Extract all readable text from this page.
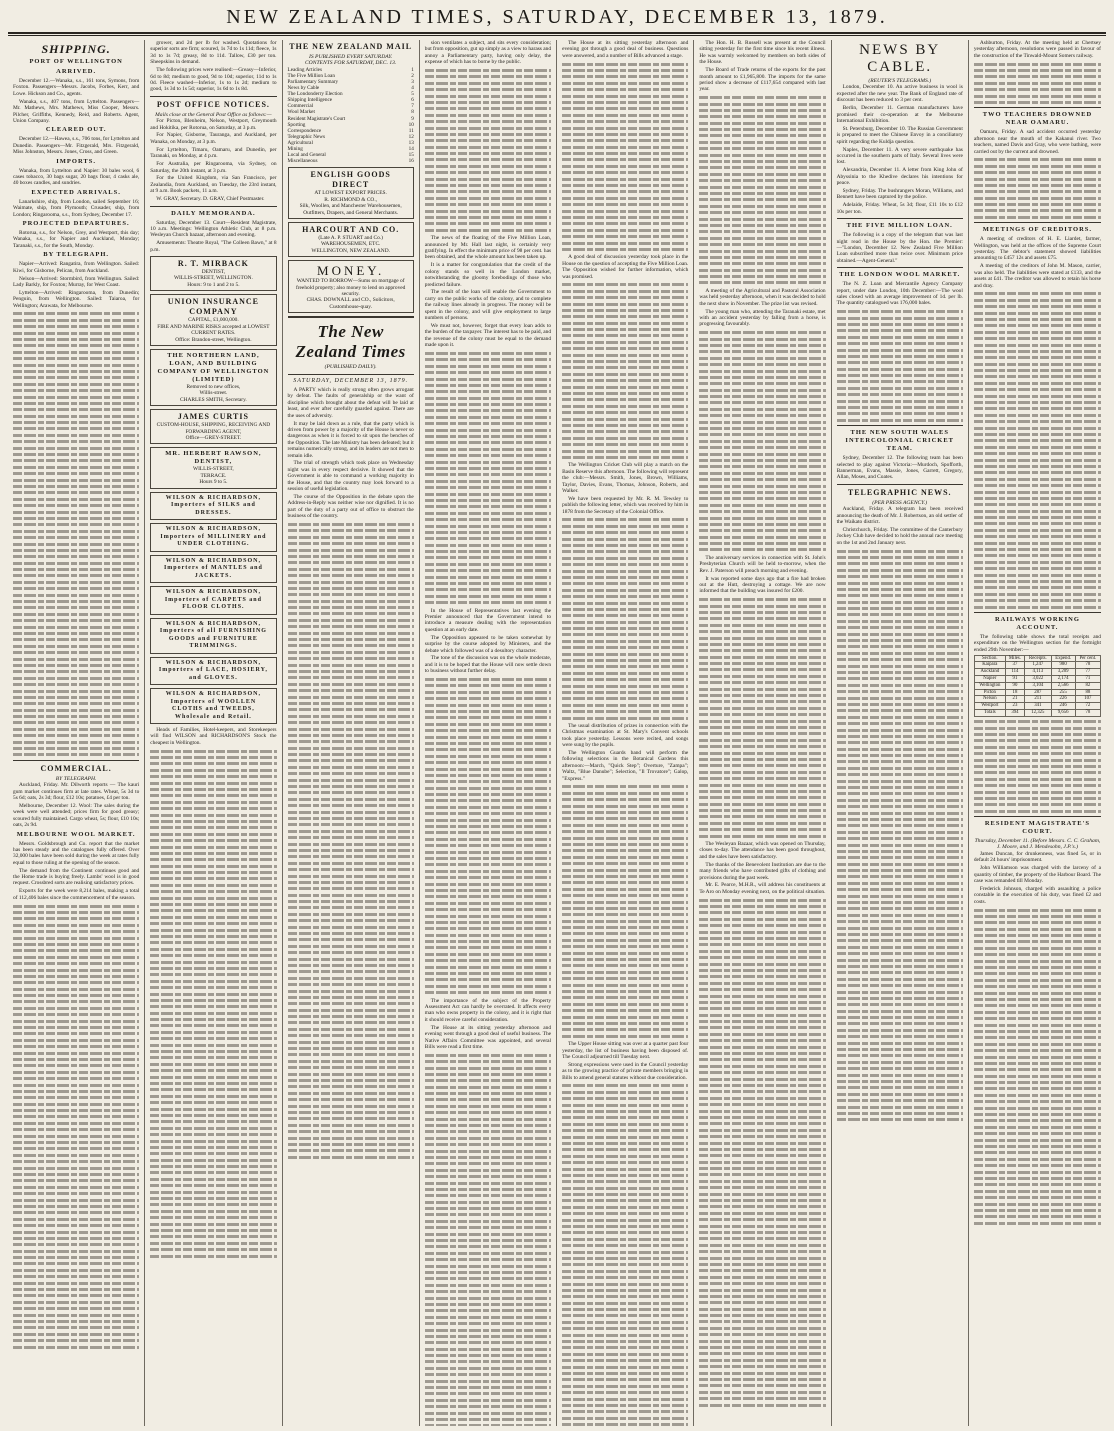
NEW ZEALAND TIMES, SATURDAY, DECEMBER 13, 1879.
SHIPPING.
PORT OF WELLINGTON
ARRIVED.

December 12.—Wanaka, s.s., 161 tons, Symons, from Foxton. Passengers—Messrs. Jacobs, Forbes, Kerr, and Lowe. Hickson and Co., agents.

Wanaka, s.s., 407 tons, from Lyttelton. Passengers—Mr. Mathews, Mrs. Mathews, Miss Cooper, Messrs. Pilcher, Griffiths, Kennedy, Reid, and Roberts. Agent, Union Company.

CLEARED OUT.

December 12.—Hawea, s.s., 706 tons, for Lyttelton and Dunedin. Passengers—Mr. Fitzgerald, Mrs. Fitzgerald, Miss Johnston, Messrs. Jones, Cross, and Green.

IMPORTS.

Wanaka, from Lyttelton and Napier: 30 bales wool, 6 cases tobacco, 30 bags sugar, 20 bags flour, 4 casks ale, 40 boxes candles, and sundries.

EXPECTED ARRIVALS.

Lanarkshire, ship, from London, sailed September 16; Waimate, ship, from Plymouth; Crusader, ship, from London; Ringarooma, s.s., from Sydney, December 17.

PROJECTED DEPARTURES.

Rotorua, s.s., for Nelson, Grey, and Westport, this day; Wanaka, s.s., for Napier and Auckland, Monday; Taranaki, s.s., for the South, Monday.

BY TELEGRAPH.

Napier—Arrived: Rangatira, from Wellington. Sailed: Kiwi, for Gisborne, Pelican, from Auckland.

Nelson—Arrived: Stormbird, from Wellington. Sailed: Lady Barkly, for Foxton; Murray, for West Coast.

Lyttelton—Arrived: Ringarooma, from Dunedin; Penguin, from Wellington. Sailed: Taiaroa, for Wellington; Arawata, for Melbourne.

COMMERCIAL.
BY TELEGRAPH.

Auckland, Friday. Mr. Dilworth reports — The kauri gum market continues firm at late rates. Wheat, 5s 3d to 5s 6d; oats, 2s 3d; flour, £12 10s; potatoes, £4 per ton.

Melbourne, December 12. Wool: The sales during the week were well attended; prices firm for good greasy; scoured fully maintained. Cargo wheat, 5s; flour, £10 10s; oats, 2s 9d.

MELBOURNE WOOL MARKET.

Messrs. Goldsbrough and Co. report that the market has been steady and the catalogues fully offered. Over 32,000 bales have been sold during the week at rates fully equal to those ruling at the opening of the season.

The demand from the Continent continues good and the Home trade is buying freely. Lambs' wool is in good request. Crossbred sorts are realising satisfactory prices.

Exports for the week were 8,214 bales, making a total of 112,406 bales since the commencement of the season.

grower, and 2d per lb for washed. Quotations for superior sorts are firm; scoured, 1s 7d to 1s 11d; fleece, 1s 3d to 1s 7d; greasy, 8d to 11d. Tallow, £30 per ton. Sheepskins in demand.

The following prices were realised:—Greasy—Inferior, 6d to 8d; medium to good, 9d to 10d; superior, 11d to 1s 0d. Fleece washed—Inferior, 1s to 1s 2d; medium to good, 1s 3d to 1s 5d; superior, 1s 6d to 1s 8d.

POST OFFICE NOTICES.
Mails close at the General Post Office as follows:—

For Picton, Blenheim, Nelson, Westport, Greymouth and Hokitika, per Rotorua, on Saturday, at 3 p.m.

For Napier, Gisborne, Tauranga, and Auckland, per Wanaka, on Monday, at 3 p.m.

For Lyttelton, Timaru, Oamaru, and Dunedin, per Taranaki, on Monday, at 4 p.m.

For Australia, per Ringarooma, via Sydney, on Saturday, the 20th instant, at 3 p.m.

For the United Kingdom, via San Francisco, per Zealandia, from Auckland, on Tuesday, the 23rd instant, at 9 a.m. Book packets, 11 a.m.

W. GRAY, Secretary. D. GRAY, Chief Postmaster.

DAILY MEMORANDA.

Saturday, December 13. Court—Resident Magistrate, 10 a.m. Meetings: Wellington Athletic Club, at 8 p.m. Wesleyan Church bazaar, afternoon and evening.

Amusements: Theatre Royal, "The Colleen Bawn," at 8 p.m.

R. T. MIRBACK
DENTIST,
WILLIS-STREET, WELLINGTON.
Hours: 9 to 1 and 2 to 5.
UNION INSURANCE COMPANY
CAPITAL, £1,000,000.
FIRE AND MARINE RISKS accepted at LOWEST CURRENT RATES.
Office: Brandon-street, Wellington.
THE NORTHERN LAND, LOAN, AND BUILDING COMPANY OF WELLINGTON (LIMITED)
Removed to new offices,
Willis-street.
CHARLES SMITH, Secretary.
JAMES CURTIS
CUSTOM-HOUSE, SHIPPING, RECEIVING AND FORWARDING AGENT,
Office—GREY-STREET.
MR. HERBERT RAWSON, DENTIST,
WILLIS-STREET,
TERRACE.
Hours 9 to 5.
WILSON & RICHARDSON, Importers of SILKS and DRESSES.
WILSON & RICHARDSON, Importers of MILLINERY and UNDER CLOTHING.
WILSON & RICHARDSON, Importers of MANTLES and JACKETS.
WILSON & RICHARDSON, Importers of CARPETS and FLOOR CLOTHS.
WILSON & RICHARDSON, Importers of all FURNISHING GOODS and FURNITURE TRIMMINGS.
WILSON & RICHARDSON, Importers of LACE, HOSIERY, and GLOVES.
WILSON & RICHARDSON, Importers of WOOLLEN CLOTHS and TWEEDS, Wholesale and Retail.

Heads of Families, Hotel-keepers, and Storekeepers will find WILSON and RICHARDSON'S Stock the cheapest in Wellington.

THE NEW ZEALAND MAIL
IS PUBLISHED EVERY SATURDAY.
CONTENTS FOR SATURDAY, DEC. 13.
Leading Articles	1
The Five Million Loan	2
Parliamentary Summary	3
News by Cable	4
The Londonderry Election	5
Shipping Intelligence	6
Commercial	7
Wool Market	8
Resident Magistrate's Court	9
Sporting	10
Correspondence	11
Telegraphic News	12
Agricultural	13
Mining	14
Local and General	15
Miscellaneous	16
ENGLISH GOODS DIRECT
AT LOWEST EXPORT PRICES.
R. RICHMOND & CO.,
Silk, Woollen, and Manchester Warehousemen,
Outfitters, Drapers, and General Merchants.
HARCOURT AND CO.
(Late A. P. STUART and Co.)
WAREHOUSEMEN, ETC.
WELLINGTON, NEW ZEALAND.
MONEY.
WANTED TO BORROW—Sums on mortgage of freehold property; also money to lend on approved security.
CHAS. DOWNALL and CO., Solicitors, Customhouse-quay.
The New Zealand Times
(PUBLISHED DAILY).
SATURDAY, DECEMBER 13, 1879.

A PARTY which is really strong often grows arrogant by defeat. The faults of generalship or the want of discipline which brought about the defeat will be laid at least, and ever after carefully guarded against. There are the uses of adversity.

It may be laid down as a rule, that the party which is driven from power by a majority of the House is never so dangerous as when it is forced to sit upon the benches of the Opposition. The late Ministry has been defeated; but it remains numerically strong, and its leaders are not men to remain idle.

The trial of strength which took place on Wednesday night was in every respect decisive. It showed that the Government is able to command a working majority in the House, and that the country may look forward to a session of useful legislation.

The course of the Opposition in the debate upon the Address-in-Reply was neither wise nor dignified. It is no part of the duty of a party out of office to obstruct the business of the country.

sion ventilates a subject, and sits every consideration; but from opposition, gut up simply as a view to harass and annoy a Parliamentary party, having only delay, the expense of which has to borne by the public.

The news of the floating of the Five Million Loan, announced by Mr. Hall last night, is certainly very gratifying. In effect the minimum price of 98 per cent. has been obtained, and the whole amount has been taken up.

It is a matter for congratulation that the credit of the colony stands so well in the London market, notwithstanding the gloomy forebodings of those who predicted failure.

The result of the loan will enable the Government to carry on the public works of the colony, and to complete the railway lines already in progress. The money will be spent in the colony, and will give employment to large numbers of persons.

We must not, however, forget that every loan adds to the burden of the taxpayer. The interest has to be paid, and the revenue of the colony must be equal to the demand made upon it.

In the House of Representatives last evening the Premier announced that the Government intend to introduce a measure dealing with the representation question at an early date.

The Opposition appeared to be taken somewhat by surprise by the course adopted by Ministers, and the debate which followed was of a desultory character.

The tone of the discussion was on the whole moderate, and it is to be hoped that the House will now settle down to business without further delay.

The importance of the subject of the Property Assessment Act can hardly be overrated. It affects every man who owns property in the colony, and it is right that it should receive careful consideration.

The House at its sitting yesterday afternoon and evening went through a good deal of useful business. The Native Affairs Committee was appointed, and several Bills were read a first time.

The House at its sitting yesterday afternoon and evening got through a good deal of business. Questions were answered, and a number of Bills advanced a stage.

A good deal of discussion yesterday took place in the House on the question of accepting the Five Million Loan. The Opposition wished for further information, which was promised.

The Wellington Cricket Club will play a match on the Basin Reserve this afternoon. The following will represent the club:—Messrs. Smith, Jones, Brown, Williams, Taylor, Davies, Evans, Thomas, Johnson, Roberts, and Walker.

We have been requested by Mr. R. M. Tewsley to publish the following letter, which was received by him in 1878 from the Secretary of the Colonial Office.

The usual distribution of prizes in connection with the Christmas examination at St. Mary's Convent schools took place yesterday. Lessons were recited, and songs were sung by the pupils.

The Wellington Guards band will perform the following selections in the Botanical Gardens this afternoon:—March, "Quick Step"; Overture, "Zampa"; Waltz, "Blue Danube"; Selection, "Il Trovatore"; Galop, "Express."

The Upper House sitting was over at a quarter past four yesterday, the list of business having been disposed of. The Council adjourned till Tuesday next.

Strong expressions were used in the Council yesterday as to the growing practice of private members bringing in Bills to amend general statutes without due consideration.

The Hon. H. B. Russell was present at the Council sitting yesterday for the first time since his recent illness. He was warmly welcomed by members on both sides of the House.

The Board of Trade returns of the exports for the past month amount to £1,965,800. The imports for the same period show a decrease of £117,654 compared with last year.

A meeting of the Agricultural and Pastoral Association was held yesterday afternoon, when it was decided to hold the next show in November. The prize list was revised.

The young man who, attending the Taranaki estate, met with an accident yesterday by falling from a horse, is progressing favourably.

The anniversary services in connection with St. John's Presbyterian Church will be held to-morrow, when the Rev. J. Paterson will preach morning and evening.

It was reported some days ago that a fire had broken out at the Hutt, destroying a cottage. We are now informed that the building was insured for £200.

The Wesleyan Bazaar, which was opened on Thursday, closes to-day. The attendance has been good throughout, and the sales have been satisfactory.

The thanks of the Benevolent Institution are due to the many friends who have contributed gifts of clothing and provisions during the past week.

Mr. E. Pearce, M.H.R., will address his constituents at Te Aro on Monday evening next, on the political situation.

NEWS BY CABLE.
(REUTER'S TELEGRAMS.)

London, December 10. An active business in wool is expected after the new year. The Bank of England rate of discount has been reduced to 3 per cent.

Berlin, December 11. German manufacturers have promised their co-operation at the Melbourne International Exhibition.

St. Petersburg, December 10. The Russian Government is prepared to meet the Chinese Envoy in a conciliatory spirit regarding the Kuldja question.

Naples, December 11. A very severe earthquake has occurred in the southern parts of Italy. Several lives were lost.

Alexandria, December 11. A letter from King John of Abyssinia to the Khedive declares his intentions for peace.

Sydney, Friday. The bushrangers Moran, Williams, and Bennett have been captured by the police.

Adelaide, Friday. Wheat, 5s 3d; flour, £11 10s to £12 10s per ton.

THE FIVE MILLION LOAN.

The following is a copy of the telegram that was last night read in the House by the Hon. the Premier:—"London, December 12. New Zealand Five Million Loan subscribed more than twice over. Minimum price obtained.—Agent-General."

THE LONDON WOOL MARKET.

The N. Z. Loan and Mercantile Agency Company report, under date London, 10th December:—The wool sales closed with an average improvement of 1d. per lb. The quantity catalogued was 176,000 bales.

THE NEW SOUTH WALES INTERCOLONIAL CRICKET TEAM.

Sydney, December 12. The following team has been selected to play against Victoria:—Murdoch, Spofforth, Bannerman, Evans, Massie, Jones, Garrett, Gregory, Allan, Moses, and Coates.

TELEGRAPHIC NEWS.
(PER PRESS AGENCY.)

Auckland, Friday. A telegram has been received announcing the death of Mr. J. Robertson, an old settler of the Waikato district.

Christchurch, Friday. The committee of the Canterbury Jockey Club have decided to hold the annual race meeting on the 1st and 2nd January next.

Ashburton, Friday. At the meeting held at Chertsey yesterday afternoon, resolutions were passed in favour of the construction of the Tinwald-Mount Somers railway.

TWO TEACHERS DROWNED NEAR OAMARU.

Oamaru, Friday. A sad accident occurred yesterday afternoon near the mouth of the Kakanui river. Two teachers, named Davis and Gray, who were bathing, were carried out by the current and drowned.

MEETINGS OF CREDITORS.

A meeting of creditors of H. E. Liardet, farmer, Wellington, was held at the offices of the Supreme Court yesterday. The debtor's statement showed liabilities amounting to £457 12s and assets £75.

A meeting of the creditors of John M. Mason, carrier, was also held. The liabilities were stated at £133, and the assets at £41. The creditor was allowed to retain his horse and dray.

RAILWAYS WORKING ACCOUNT.

The following table shows the total receipts and expenditure on the Wellington section for the fortnight ended 29th November:—

Section.	Miles.	Receipts.	Expend.	Per cent.
Kaipara	37	1,247	980	78
Auckland	114	4,113	3,209	77
Napier	91	3,022	2,174	71
Wellington	90	3,104	2,566	82
Picton	18	287	255	88
Nelson	21	211	226	107
Westport	23	341	246	72
Totals	394	12,325	9,656	78
RESIDENT MAGISTRATE'S COURT.
Thursday, December 11. (Before Messrs. C. C. Graham, J. Moore, and J. Mendesohn, J.P.'s.)

James Duncan, for drunkenness, was fined 5s, or in default 24 hours' imprisonment.

John Williamson was charged with the larceny of a quantity of timber, the property of the Harbour Board. The case was remanded till Monday.

Frederick Johnson, charged with assaulting a police constable in the execution of his duty, was fined £2 and costs.
